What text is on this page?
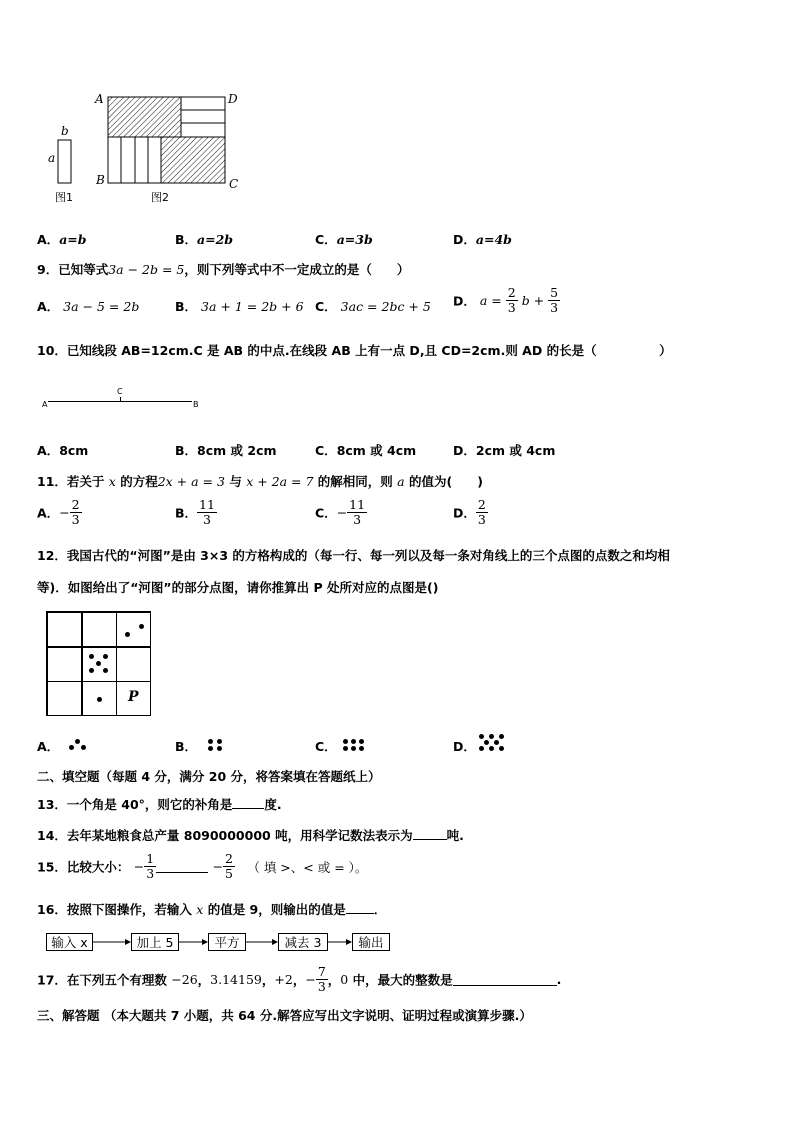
b
a
图1	图2
A	D
B	C
A．a=b	B．a=2b	C．a=3b	D．a=4b
9．已知等式3a − 2b = 5，则下列等式中不一定成立的是（　　）
A． 3a − 5 = 2b	B． 3a + 1 = 2b + 6 C． 3ac = 2bc + 5 D． $a = \frac{2}{3}$ $b + \frac{5}{3}$
10．已知线段 AB=12cm.C 是 AB 的中点.在线段 AB 上有一点 D,且 CD=2cm.则 AD 的长是（　　　　　）
A
C
B
A．8cm	B．8cm 或 2cm	C．8cm 或 4cm	D．2cm 或 4cm
11．若关于 x 的方程2x + a = 3 与 x + 2a = 7 的解相同，则 a 的值为(　　)
A．− $\frac{2}{3}$	B． $\frac{11}{3}$	C．− $\frac{11}{3}$	D． $\frac{2}{3}$
12．我国古代的“河图”是由 3×3 的方格构成的（每一行、每一列以及每一条对角线上的三个点图的点数之和均相
等)．如图给出了“河图”的部分点图，请你推算出 P 处所对应的点图是()
P
A．	B．	C．	D．
二、填空题（每题 4 分，满分 20 分，将答案填在答题纸上）
13．一个角是 40°，则它的补角是	度.
14．去年某地粮食总产量 8090000000 吨，用科学记数法表示为	吨.
15．比较大小： − $\frac{1}{3}$	− $\frac{2}{5}$ （ 填 >、< 或 = ）。
16．按照下图操作，若输入 x 的值是 9，则输出的值是 ．
输入 x	加上 5	平方	减去 3	输出
17．在下列五个有理数 −26，3.14159，+2，− $\frac{7}{3}$ ，0 中，最大的整数是	.
三、解答题 （本大题共 7 小题，共 64 分.解答应写出文字说明、证明过程或演算步骤.）
